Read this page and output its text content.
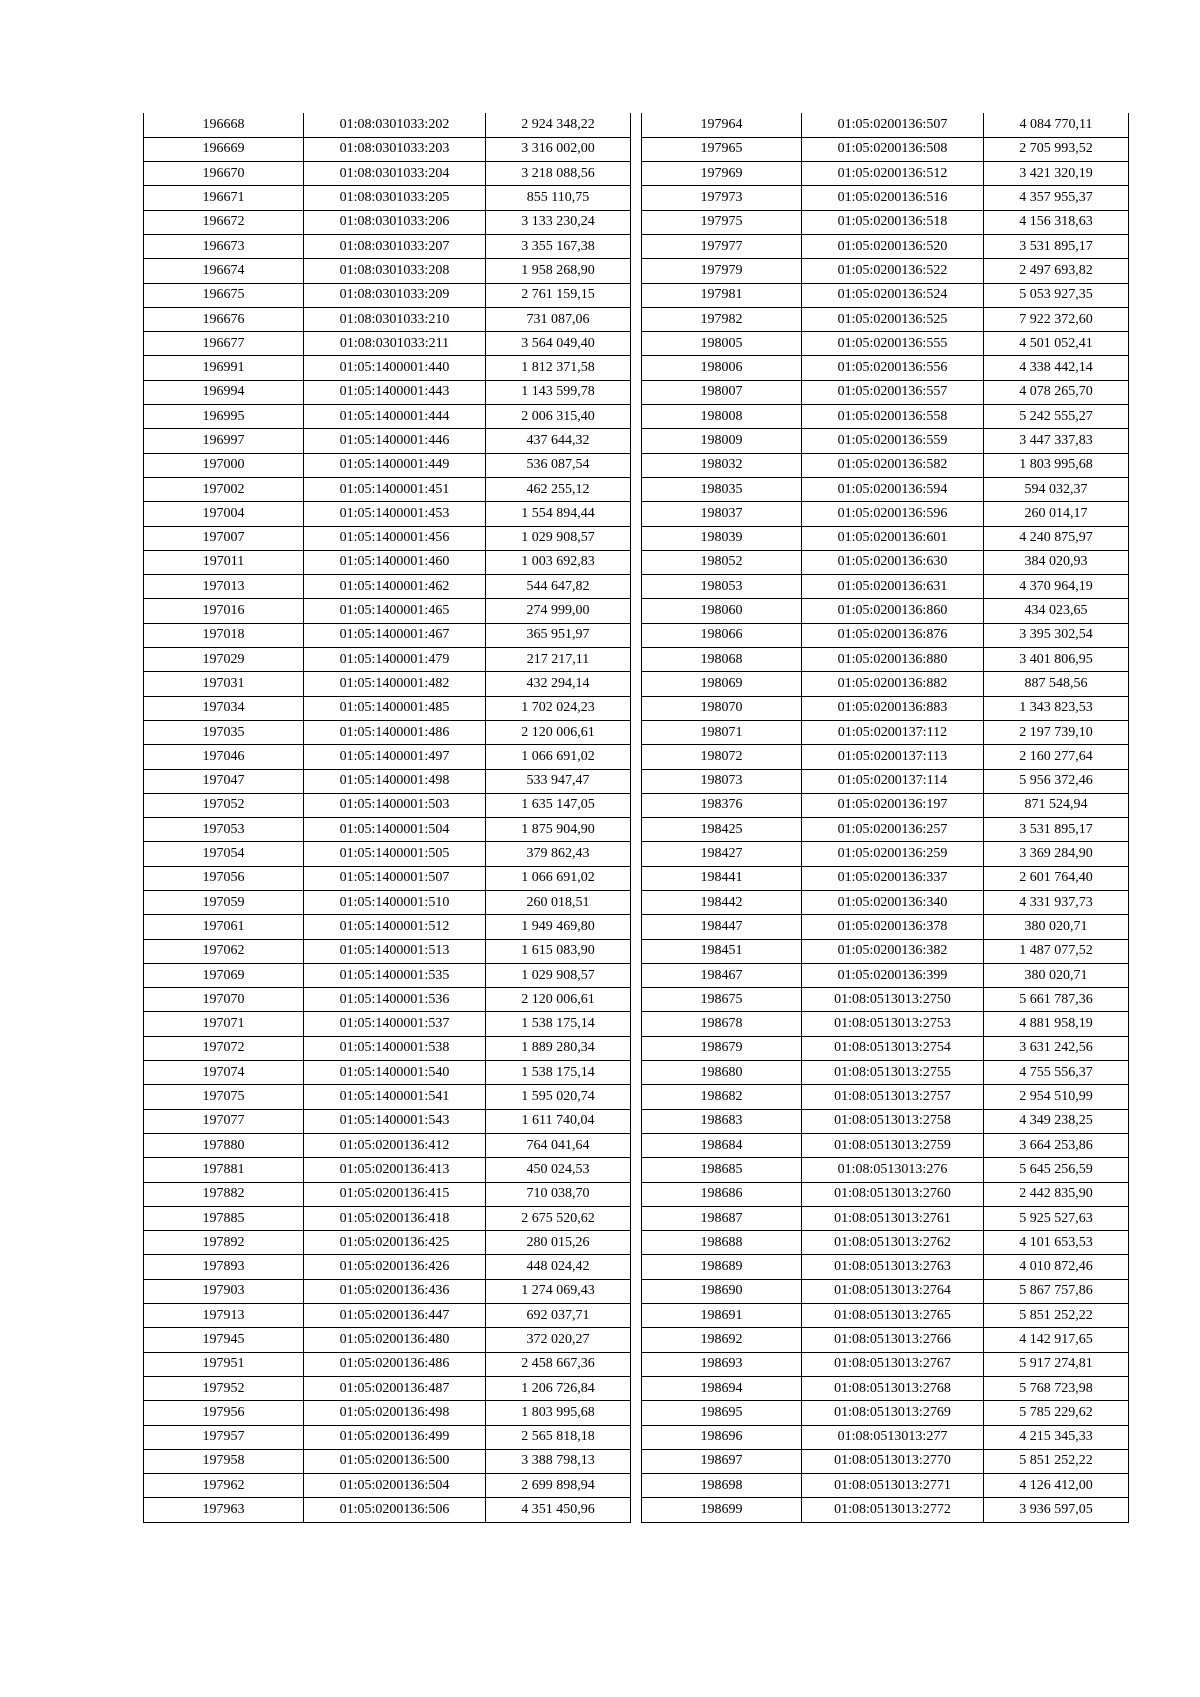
196668	01:08:0301033:202	2 924 348,22
196669	01:08:0301033:203	3 316 002,00
196670	01:08:0301033:204	3 218 088,56
196671	01:08:0301033:205	855 110,75
196672	01:08:0301033:206	3 133 230,24
196673	01:08:0301033:207	3 355 167,38
196674	01:08:0301033:208	1 958 268,90
196675	01:08:0301033:209	2 761 159,15
196676	01:08:0301033:210	731 087,06
196677	01:08:0301033:211	3 564 049,40
196991	01:05:1400001:440	1 812 371,58
196994	01:05:1400001:443	1 143 599,78
196995	01:05:1400001:444	2 006 315,40
196997	01:05:1400001:446	437 644,32
197000	01:05:1400001:449	536 087,54
197002	01:05:1400001:451	462 255,12
197004	01:05:1400001:453	1 554 894,44
197007	01:05:1400001:456	1 029 908,57
197011	01:05:1400001:460	1 003 692,83
197013	01:05:1400001:462	544 647,82
197016	01:05:1400001:465	274 999,00
197018	01:05:1400001:467	365 951,97
197029	01:05:1400001:479	217 217,11
197031	01:05:1400001:482	432 294,14
197034	01:05:1400001:485	1 702 024,23
197035	01:05:1400001:486	2 120 006,61
197046	01:05:1400001:497	1 066 691,02
197047	01:05:1400001:498	533 947,47
197052	01:05:1400001:503	1 635 147,05
197053	01:05:1400001:504	1 875 904,90
197054	01:05:1400001:505	379 862,43
197056	01:05:1400001:507	1 066 691,02
197059	01:05:1400001:510	260 018,51
197061	01:05:1400001:512	1 949 469,80
197062	01:05:1400001:513	1 615 083,90
197069	01:05:1400001:535	1 029 908,57
197070	01:05:1400001:536	2 120 006,61
197071	01:05:1400001:537	1 538 175,14
197072	01:05:1400001:538	1 889 280,34
197074	01:05:1400001:540	1 538 175,14
197075	01:05:1400001:541	1 595 020,74
197077	01:05:1400001:543	1 611 740,04
197880	01:05:0200136:412	764 041,64
197881	01:05:0200136:413	450 024,53
197882	01:05:0200136:415	710 038,70
197885	01:05:0200136:418	2 675 520,62
197892	01:05:0200136:425	280 015,26
197893	01:05:0200136:426	448 024,42
197903	01:05:0200136:436	1 274 069,43
197913	01:05:0200136:447	692 037,71
197945	01:05:0200136:480	372 020,27
197951	01:05:0200136:486	2 458 667,36
197952	01:05:0200136:487	1 206 726,84
197956	01:05:0200136:498	1 803 995,68
197957	01:05:0200136:499	2 565 818,18
197958	01:05:0200136:500	3 388 798,13
197962	01:05:0200136:504	2 699 898,94
197963	01:05:0200136:506	4 351 450,96
197964	01:05:0200136:507	4 084 770,11
197965	01:05:0200136:508	2 705 993,52
197969	01:05:0200136:512	3 421 320,19
197973	01:05:0200136:516	4 357 955,37
197975	01:05:0200136:518	4 156 318,63
197977	01:05:0200136:520	3 531 895,17
197979	01:05:0200136:522	2 497 693,82
197981	01:05:0200136:524	5 053 927,35
197982	01:05:0200136:525	7 922 372,60
198005	01:05:0200136:555	4 501 052,41
198006	01:05:0200136:556	4 338 442,14
198007	01:05:0200136:557	4 078 265,70
198008	01:05:0200136:558	5 242 555,27
198009	01:05:0200136:559	3 447 337,83
198032	01:05:0200136:582	1 803 995,68
198035	01:05:0200136:594	594 032,37
198037	01:05:0200136:596	260 014,17
198039	01:05:0200136:601	4 240 875,97
198052	01:05:0200136:630	384 020,93
198053	01:05:0200136:631	4 370 964,19
198060	01:05:0200136:860	434 023,65
198066	01:05:0200136:876	3 395 302,54
198068	01:05:0200136:880	3 401 806,95
198069	01:05:0200136:882	887 548,56
198070	01:05:0200136:883	1 343 823,53
198071	01:05:0200137:112	2 197 739,10
198072	01:05:0200137:113	2 160 277,64
198073	01:05:0200137:114	5 956 372,46
198376	01:05:0200136:197	871 524,94
198425	01:05:0200136:257	3 531 895,17
198427	01:05:0200136:259	3 369 284,90
198441	01:05:0200136:337	2 601 764,40
198442	01:05:0200136:340	4 331 937,73
198447	01:05:0200136:378	380 020,71
198451	01:05:0200136:382	1 487 077,52
198467	01:05:0200136:399	380 020,71
198675	01:08:0513013:2750	5 661 787,36
198678	01:08:0513013:2753	4 881 958,19
198679	01:08:0513013:2754	3 631 242,56
198680	01:08:0513013:2755	4 755 556,37
198682	01:08:0513013:2757	2 954 510,99
198683	01:08:0513013:2758	4 349 238,25
198684	01:08:0513013:2759	3 664 253,86
198685	01:08:0513013:276	5 645 256,59
198686	01:08:0513013:2760	2 442 835,90
198687	01:08:0513013:2761	5 925 527,63
198688	01:08:0513013:2762	4 101 653,53
198689	01:08:0513013:2763	4 010 872,46
198690	01:08:0513013:2764	5 867 757,86
198691	01:08:0513013:2765	5 851 252,22
198692	01:08:0513013:2766	4 142 917,65
198693	01:08:0513013:2767	5 917 274,81
198694	01:08:0513013:2768	5 768 723,98
198695	01:08:0513013:2769	5 785 229,62
198696	01:08:0513013:277	4 215 345,33
198697	01:08:0513013:2770	5 851 252,22
198698	01:08:0513013:2771	4 126 412,00
198699	01:08:0513013:2772	3 936 597,05
